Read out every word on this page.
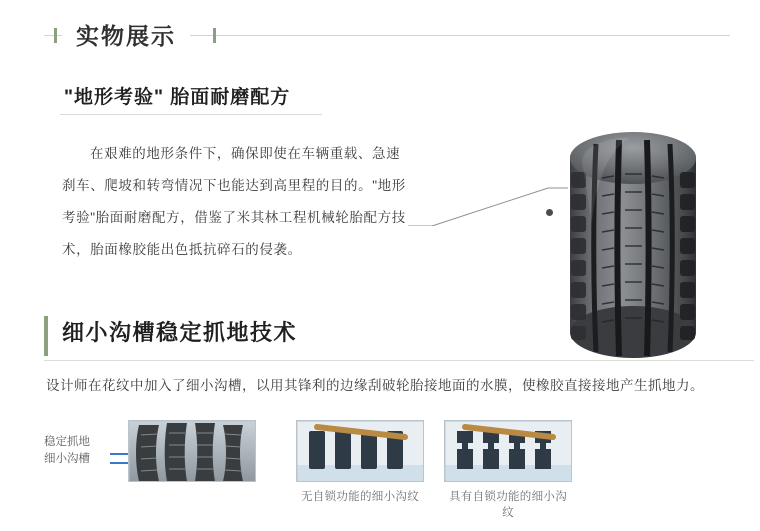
实物展示
"地形考验" 胎面耐磨配方
在艰难的地形条件下，确保即使在车辆重载、急速刹车、爬坡和转弯情况下也能达到高里程的目的。"地形考验"胎面耐磨配方，借鉴了米其林工程机械轮胎配方技术，胎面橡胶能出色抵抗碎石的侵袭。
细小沟槽稳定抓地技术
设计师在花纹中加入了细小沟槽，以用其锋利的边缘刮破轮胎接地面的水膜，使橡胶直接接地产生抓地力。
稳定抓地
细小沟槽
无自锁功能的细小沟纹	具有自锁功能的细小沟纹
